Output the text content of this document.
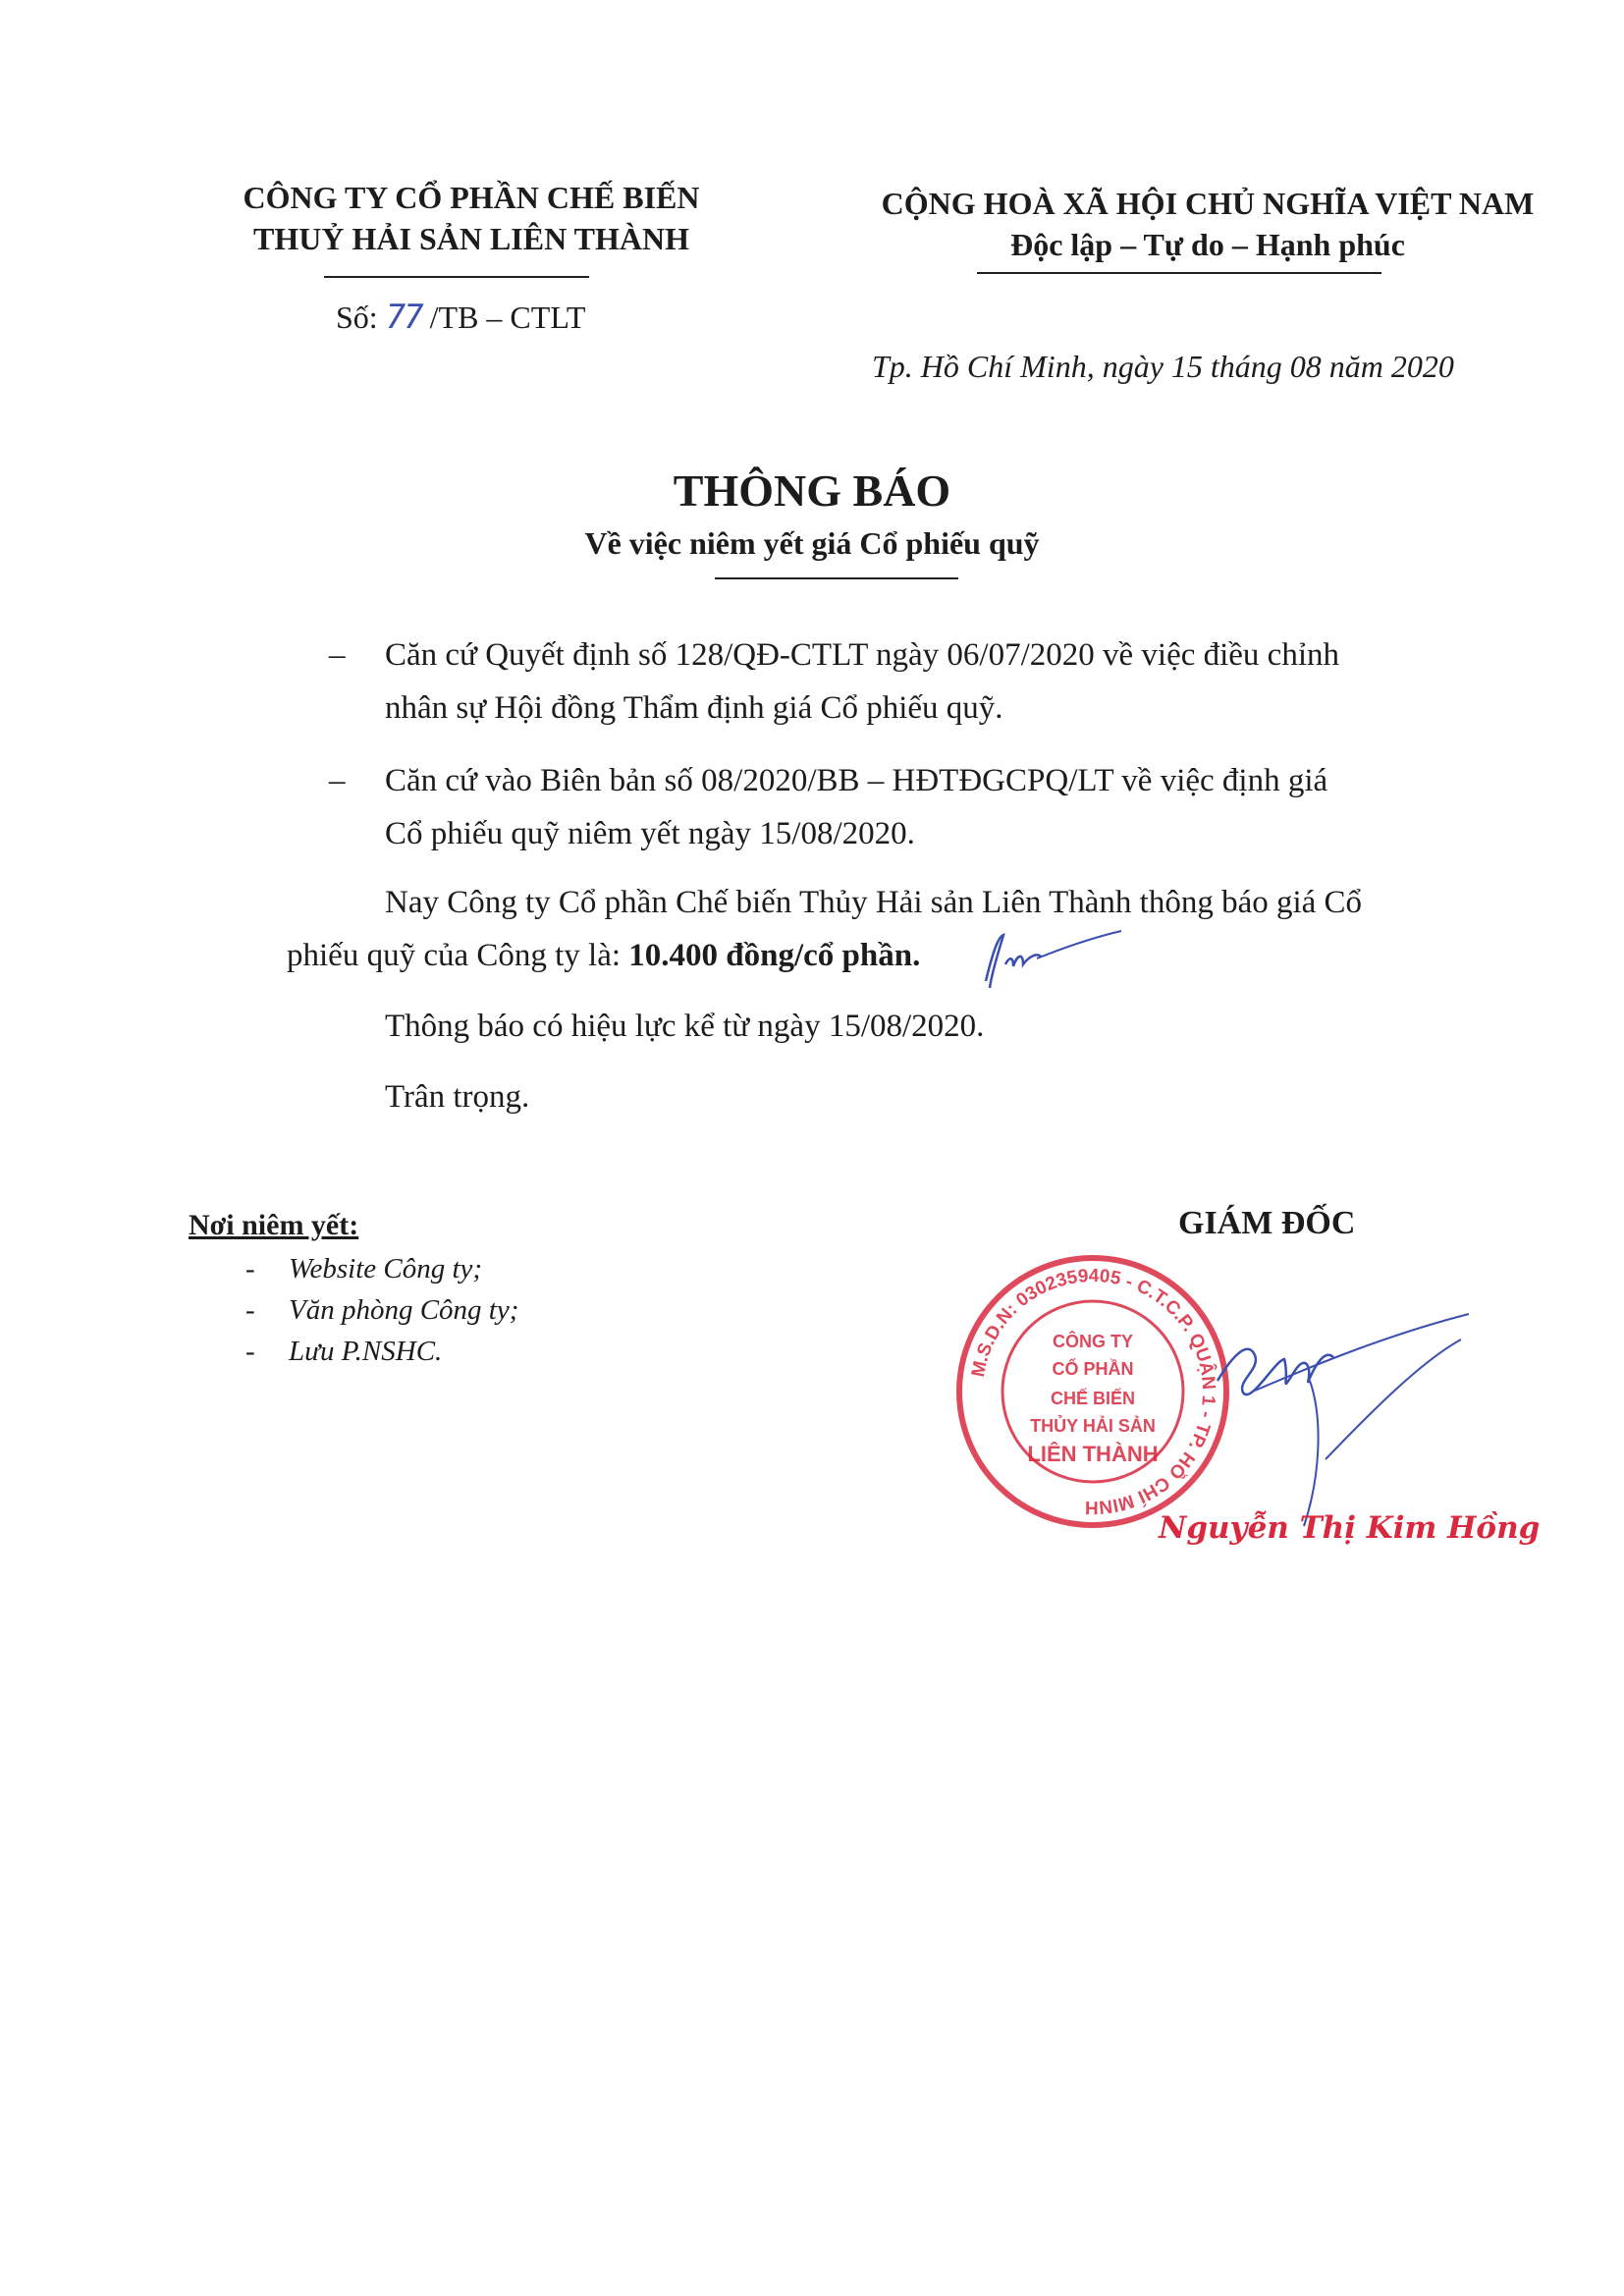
CÔNG TY CỔ PHẦN CHẾ BIẾN
THUỶ HẢI SẢN LIÊN THÀNH
Số: 77 /TB – CTLT
CỘNG HOÀ XÃ HỘI CHỦ NGHĨA VIỆT NAM
Độc lập – Tự do – Hạnh phúc
Tp. Hồ Chí Minh, ngày 15 tháng 08 năm 2020
THÔNG BÁO
Về việc niêm yết giá Cổ phiếu quỹ
– Căn cứ Quyết định số 128/QĐ-CTLT ngày 06/07/2020 về việc điều chỉnh
nhân sự Hội đồng Thẩm định giá Cổ phiếu quỹ.
– Căn cứ vào Biên bản số 08/2020/BB – HĐTĐGCPQ/LT về việc định giá
Cổ phiếu quỹ niêm yết ngày 15/08/2020.
Nay Công ty Cổ phần Chế biến Thủy Hải sản Liên Thành thông báo giá Cổ
phiếu quỹ của Công ty là: 10.400 đồng/cổ phần.
Thông báo có hiệu lực kể từ ngày 15/08/2020.
Trân trọng.
Nơi niêm yết:
- Website Công ty;
- Văn phòng Công ty;
- Lưu P.NSHC.
GIÁM ĐỐC
M.S.D.N: 0302359405 - C.T.C.P. QUẬN 1 - TP. HỒ CHÍ MINH
CÔNG TY
CỔ PHẦN
CHẾ BIẾN
THỦY HẢI SẢN
LIÊN THÀNH
Nguyễn Thị Kim Hồng
